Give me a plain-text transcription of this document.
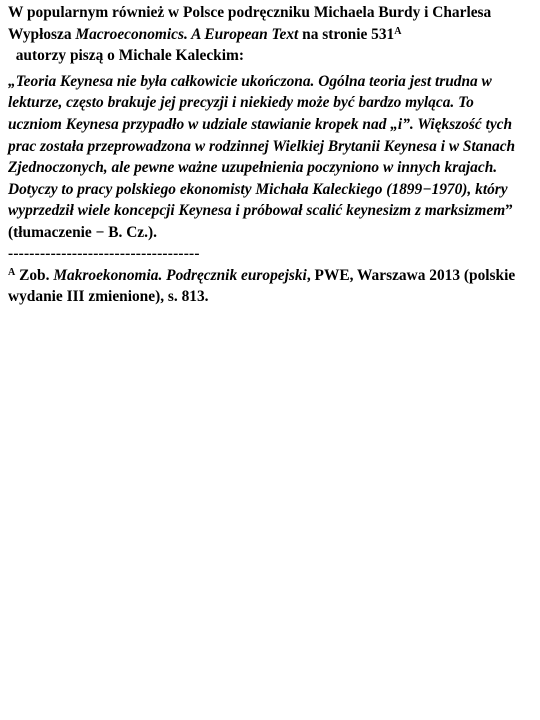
W popularnym również w Polsce podręczniku Michaela Burdy i Charlesa Wypłosza Macroeconomics. A European Text na stronie $531^A$  autorzy piszą o Michale Kaleckim:

„Teoria Keynesa nie była całkowicie ukończona. Ogólna teoria jest trudna w lekturze, często brakuje jej precyzji i niekiedy może być bardzo myląca. To uczniom Keynesa przypadło w udziale stawianie kropek nad „i”. Większość tych prac została przeprowadzona w rodzinnej Wielkiej Brytanii Keynesa i w Stanach Zjednoczonych, ale pewne ważne uzupełnienia poczyniono w innych krajach. Dotyczy to pracy polskiego ekonomisty Michała Kaleckiego (1899−1970), który wyprzedził wiele koncepcji Keynesa i próbował scalić keynesizm z marksizmem” (tłumaczenie − B. Cz.).

------------------------------------

$^A$ Zob. Makroekonomia. Podręcznik europejski, PWE, Warszawa 2013 (polskie wydanie III zmienione), s. 813.
